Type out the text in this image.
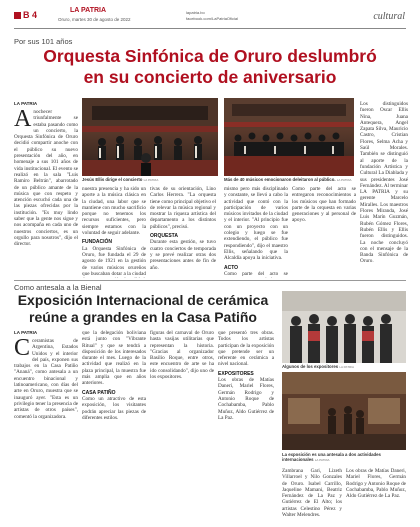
B 4	LA PATRIA
Oruro, martes 30 de agosto de 2022
lapatria.bo
facebook.com/LaPatriaOficial	cultural
Por sus 101 años
Orquesta Sinfónica de Oruro deslumbró
en su concierto de aniversario
LA PATRIA
Anochecer triunfalmente se estaba pasando como un concierto, la Orquesta Sinfónica de Oruro decidió compartir anoche con el público su nuevo presentación del año, en homenaje a sus 101 años de vida institucional. El evento se realizó en la sala "Luis Ramiro Beltrán", abarrotado de un público amante de la música que con respeto y atención escuchó cada una de las piezas ofrecidas por la institución. "Es muy lindo saber que la gente nos sigue y nos acompaña en cada uno de nuestros conciertos, es un orgullo para nosotros", dijo el director.
Jesús Ellis dirige el concierto LA PATRIA	Más de 40 músicos emocionaron deleitaron al público. LA PATRIA
nuestra presencia y ha sido un aporte a la música clásica en la ciudad, una labor que se mantiene con mucho sacrificio porque no tenemos los recursos suficientes, pero siempre estamos con la voluntad de seguir adelante.
FUNDACIÓN
La Orquesta Sinfónica de Oruro, fue fundada el 29 de agosto de 1921 en la gestión de varios músicos orureños que buscaban dotar a la ciudad
tivas de su orientación, Lino Carlos Herrera. "La orquesta tiene como principal objetivo el de relevar la música regional y mostrar la riqueza artística del departamento a los distintos públicos", precisó.
ORQUESTA
Durante esta gestión, se tuvo cuatro conciertos de temporada y se prevé realizar otras dos presentaciones antes de fin de año.
mismo pero más disciplinado y constante, se llevó a cabo la actividad que contó con la participación de varios músicos invitados de la ciudad y el interior. "Al principio fue con un proyecto con un colegio y luego se fue extendiendo, el público fue respondiendo", dijo el maestro Ellis, señalando que la Alcaldía apoya la iniciativa.
ACTO
Como parte del acto se
Como parte del acto se entregaron reconocimientos a los músicos que han formado parte de la orquesta en varias generaciones y al personal de apoyo.
Los distinguidos fueron Oscar Ellis Nina, Juana Antequera, Angel Zapata Silva, Mauricio Castro, Cristian Flores, Selma Acha y Saúl Morales. También se distinguió al aporte de la fundación Artística y Cultural La Diablada y sus presidentes José Fernández. Al terminar LA PATRIA y su gerente Marcelo Miralles. Los maestros Flores Miranda, José Luis Marín Guzmán, Rubén Gómez Flores, Rubén Ellis y Ellis fueron distinguidos. La noche concluyó con el mensaje de la Banda Sinfónica de Oruro.
Como antesala a la Bienal
Exposición Internacional de cerámica
reúne a grandes en la Casa Patiño
LA PATRIA
Cceramistas de Argentina, Estados Unidos y el interior del país, exponen sus trabajos en la Casa Patiño "Ananá", como antesala a un encuentro binacional y latinoamericano, con días del arte en Oruro, muestra que se inauguró ayer. "Esta es un privilegio tener la presencia de artistas de otros países", comentó la organizadora.
que la delegación boliviana está junto con "Vibrante Ritual" y que se tendrá a disposición de los interesados durante el mes. Luego de la actividad que realizó en la plaza principal, la muestra fue más amplia que en años anteriores.
CASA PATIÑO
Como un atractivo de esta exposición, los visitantes podrán apreciar las piezas de diferentes estilos.
figuras del carnaval de Oruro hasta vasijas utilitarias que representan la historia. "Gracias al organizador Basilio Roque, entre otros, este encuentro de arte se ha ido consolidando", dijo uno de los expositores.
que presentó tres obras. Todos los artistas participan de la exposición que pretende ser un referente en cerámica a nivel nacional.
EXPOSITORES
Los obras de Matías Daneri, Mariel Flores, Germán Rodrigo y Antonio Roque de Cochabamba, Pablo Muñoz, Aldo Gutiérrez de La Paz.
Algunos de los expositores LA PATRIA
La exposición es una antesala a dos actividades internacionales LA PATRIA
Zambrana Gari, Lizeth Villarroel y Nilo Gonzales de Oruro. Isabel Carrillo, Jaqueline Mamani, Beatriz Fernández de La Paz y Gutiérrez de El Alto; los artistas Celestino Pérez y Walter Melendres.
Los obras de Matías Daneri, Mariel Flores, Germán Rodrigo y Antonio Roque de Cochabamba, Pablo Muñoz, Aldo Gutiérrez de La Paz.
